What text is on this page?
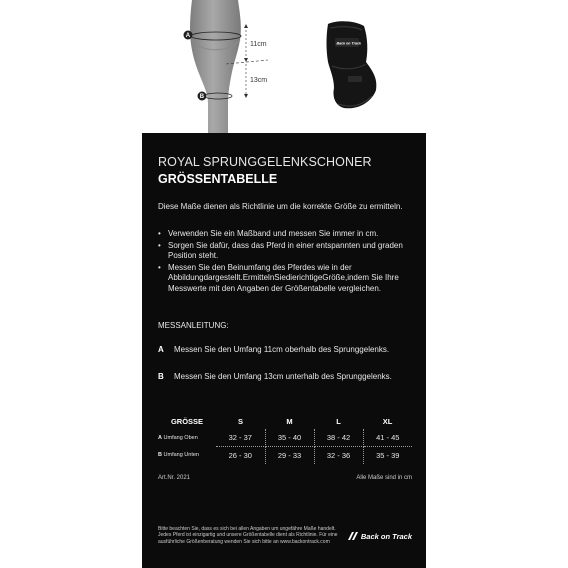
11cm
13cm
A
B
Back on Track
ROYAL SPRUNGGELENKSCHONER
GRÖSSENTABELLE

Diese Maße dienen als Richtlinie um die korrekte Größe zu ermitteln.

• Verwenden Sie ein Maßband und messen Sie immer in cm.
• Sorgen Sie dafür, dass das Pferd in einer entspannten und graden Position steht.
• Messen Sie den Beinumfang des Pferdes wie in der Abbildungdargestellt.ErmittelnSiedierichtigeGröße,indem Sie Ihre Messwerte mit den Angaben der Größentabelle vergleichen.
MESSANLEITUNG:
A	Messen Sie den Umfang 11cm oberhalb des Sprunggelenks.
B	Messen Sie den Umfang 13cm unterhalb des Sprunggelenks.
GRÖSSE	S	M	L	XL
A Umfang Oben	32 - 37	35 - 40	38 - 42	41 - 45
B Umfang Unten	26 - 30	29 - 33	32 - 36	35 - 39
Art.Nr. 2021	Alle Maße sind in cm

Bitte beachten Sie, dass es sich bei allen Angaben um ungefähre Maße handelt. Jedes Pferd ist einzigartig und unsere Größentabelle dient als Richtlinie. Für eine ausführliche Größenberatung wenden Sie sich bitte an www.backontrack.com

Back on Track
